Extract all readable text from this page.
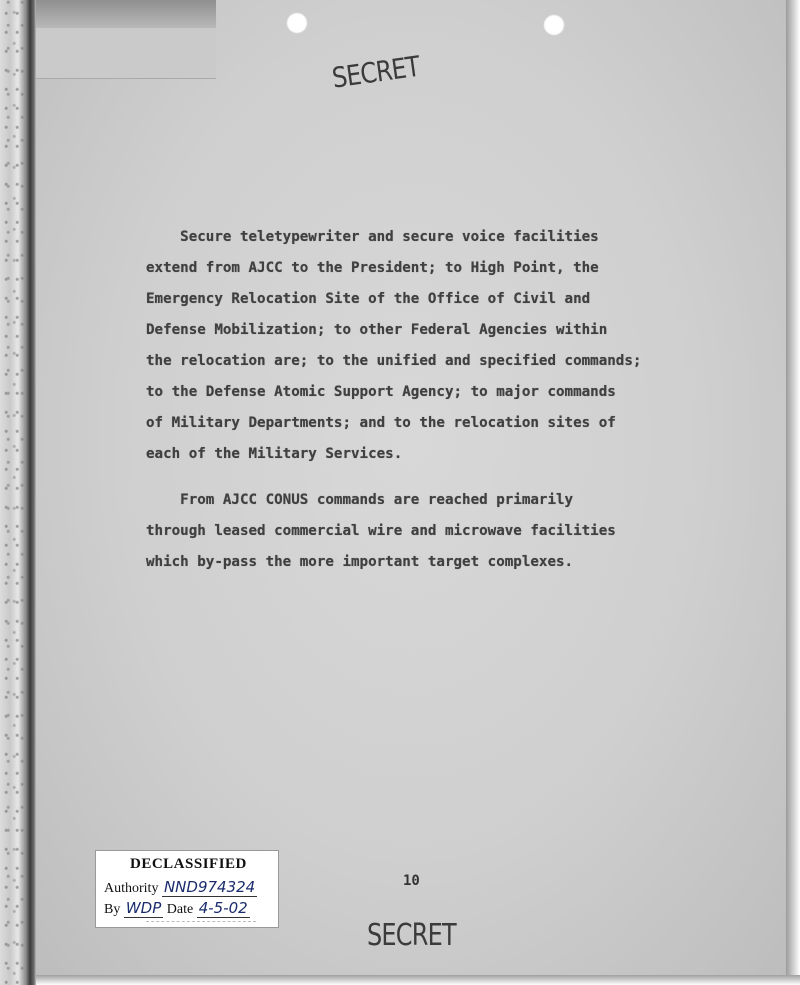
SECRET
Secure teletypewriter and secure voice facilities
extend from AJCC to the President; to High Point, the
Emergency Relocation Site of the Office of Civil and
Defense Mobilization; to other Federal Agencies within
the relocation are; to the unified and specified commands;
to the Defense Atomic Support Agency; to major commands
of Military Departments; and to the relocation sites of
each of the Military Services.
From AJCC CONUS commands are reached primarily
through leased commercial wire and microwave facilities
which by-pass the more important target complexes.
10
DECLASSIFIED
Authority NND974324
By WDP Date 4-5-02
SECRET
